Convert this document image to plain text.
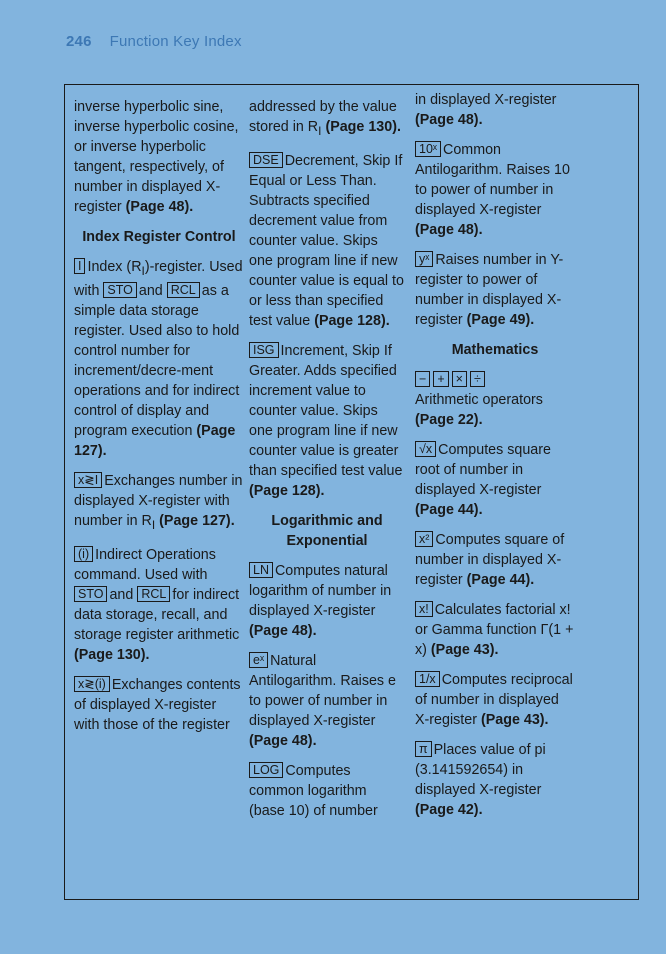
246 Function Key Index

inverse hyperbolic sine, inverse hyperbolic cosine, or inverse hyperbolic tangent, respectively, of number in displayed X-register (Page 48).

Index Register Control

I Index $(R_I)$-register. Used with STO and RCL as a simple data storage register. Used also to hold control number for increment/decre-ment operations and for indirect control of display and program execution (Page 127).

x≷I Exchanges number in displayed X-register with number in $R_I$ (Page 127).

(i) Indirect Operations command. Used with STO and RCL for indirect data storage, recall, and storage register arithmetic (Page 130).

x≷(i) Exchanges contents of displayed X-register with those of the register

addressed by the value stored in $R_I$ (Page 130).

DSE Decrement, Skip If Equal or Less Than. Subtracts specified decrement value from counter value. Skips one program line if new counter value is equal to or less than specified test value (Page 128).

ISG Increment, Skip If Greater. Adds specified increment value to counter value. Skips one program line if new counter value is greater than specified test value (Page 128).

Logarithmic and Exponential

LN Computes natural logarithm of number in displayed X-register (Page 48).

eˣ Natural Antilogarithm. Raises e to power of number in displayed X-register (Page 48).

LOG Computes common logarithm (base 10) of number

in displayed X-register (Page 48).

10ˣ Common Antilogarithm. Raises 10 to power of number in displayed X-register (Page 48).

yˣ Raises number in Y-register to power of number in displayed X-register (Page 49).

Mathematics

− + × ÷
Arithmetic operators (Page 22).

√x Computes square root of number in displayed X-register (Page 44).

x² Computes square of number in displayed X-register (Page 44).

x! Calculates factorial x! or Gamma function Γ(1 + x) (Page 43).

1/x Computes reciprocal of number in displayed X-register (Page 43).

π Places value of pi (3.141592654) in displayed X-register (Page 42).
